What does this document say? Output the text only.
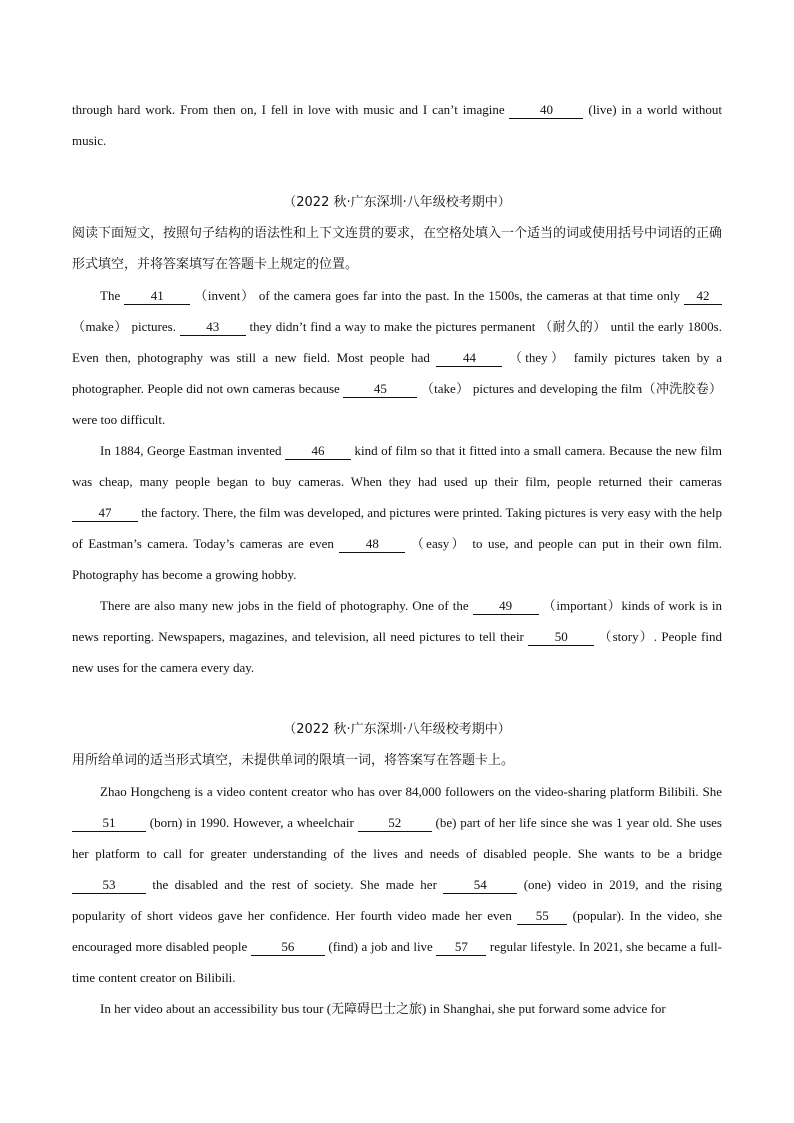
through hard work. From then on, I fell in love with music and I can’t imagine 40 (live) in a world without music.

（2022 秋·广东深圳·八年级校考期中）

阅读下面短文，按照句子结构的语法性和上下文连贯的要求，在空格处填入一个适当的词或使用括号中词语的正确形式填空，并将答案填写在答题卡上规定的位置。

The 41 （invent） of the camera goes far into the past. In the 1500s, the cameras at that time only 42 （make） pictures. 43 they didn’t find a way to make the pictures permanent （耐久的） until the early 1800s. Even then, photography was still a new field. Most people had 44 （they） family pictures taken by a photographer. People did not own cameras because 45 （take） pictures and developing the film（冲洗胶卷）were too difficult.

In 1884, George Eastman invented 46 kind of film so that it fitted into a small camera. Because the new film was cheap, many people began to buy cameras. When they had used up their film, people returned their cameras 47 the factory. There, the film was developed, and pictures were printed. Taking pictures is very easy with the help of Eastman’s camera. Today’s cameras are even 48 （easy） to use, and people can put in their own film. Photography has become a growing hobby.

There are also many new jobs in the field of photography. One of the 49 （important）kinds of work is in news reporting. Newspapers, magazines, and television, all need pictures to tell their 50 （story）. People find new uses for the camera every day.

（2022 秋·广东深圳·八年级校考期中）

用所给单词的适当形式填空，未提供单词的限填一词，将答案写在答题卡上。

Zhao Hongcheng is a video content creator who has over 84,000 followers on the video-sharing platform Bilibili. She 51 (born) in 1990. However, a wheelchair 52 (be) part of her life since she was 1 year old. She uses her platform to call for greater understanding of the lives and needs of disabled people. She wants to be a bridge 53 the disabled and the rest of society. She made her 54 (one) video in 2019, and the rising popularity of short videos gave her confidence. Her fourth video made her even 55 (popular). In the video, she encouraged more disabled people 56 (find) a job and live 57 regular lifestyle. In 2021, she became a full-time content creator on Bilibili.

In her video about an accessibility bus tour (无障碍巴士之旅) in Shanghai, she put forward some advice for
